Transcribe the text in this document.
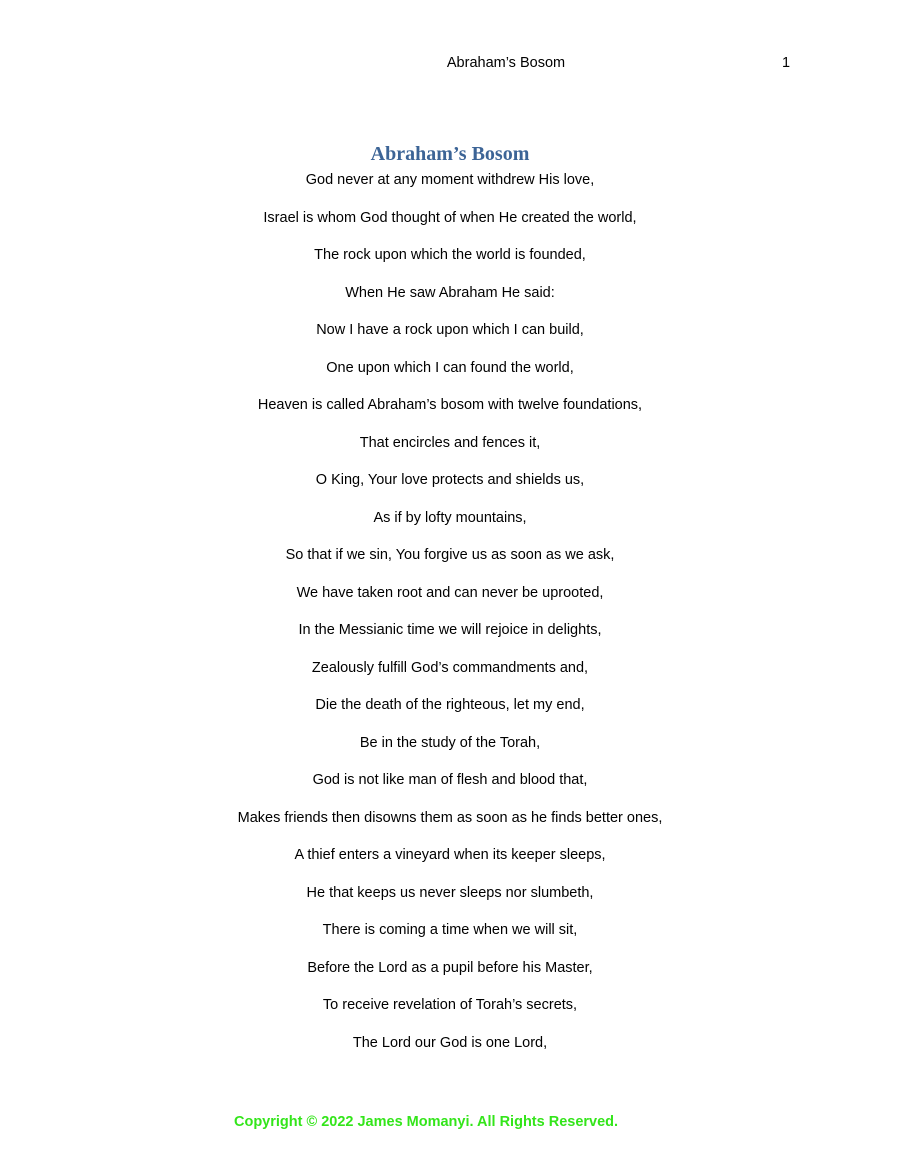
Abraham’s Bosom	1
Abraham’s Bosom
God never at any moment withdrew His love,
Israel is whom God thought of when He created the world,
The rock upon which the world is founded,
When He saw Abraham He said:
Now I have a rock upon which I can build,
One upon which I can found the world,
Heaven is called Abraham’s bosom with twelve foundations,
That encircles and fences it,
O King, Your love protects and shields us,
As if by lofty mountains,
So that if we sin, You forgive us as soon as we ask,
We have taken root and can never be uprooted,
In the Messianic time we will rejoice in delights,
Zealously fulfill God’s commandments and,
Die the death of the righteous, let my end,
Be in the study of the Torah,
God is not like man of flesh and blood that,
Makes friends then disowns them as soon as he finds better ones,
A thief enters a vineyard when its keeper sleeps,
He that keeps us never sleeps nor slumbeth,
There is coming a time when we will sit,
Before the Lord as a pupil before his Master,
To receive revelation of Torah’s secrets,
The Lord our God is one Lord,
Copyright © 2022 James Momanyi. All Rights Reserved.
